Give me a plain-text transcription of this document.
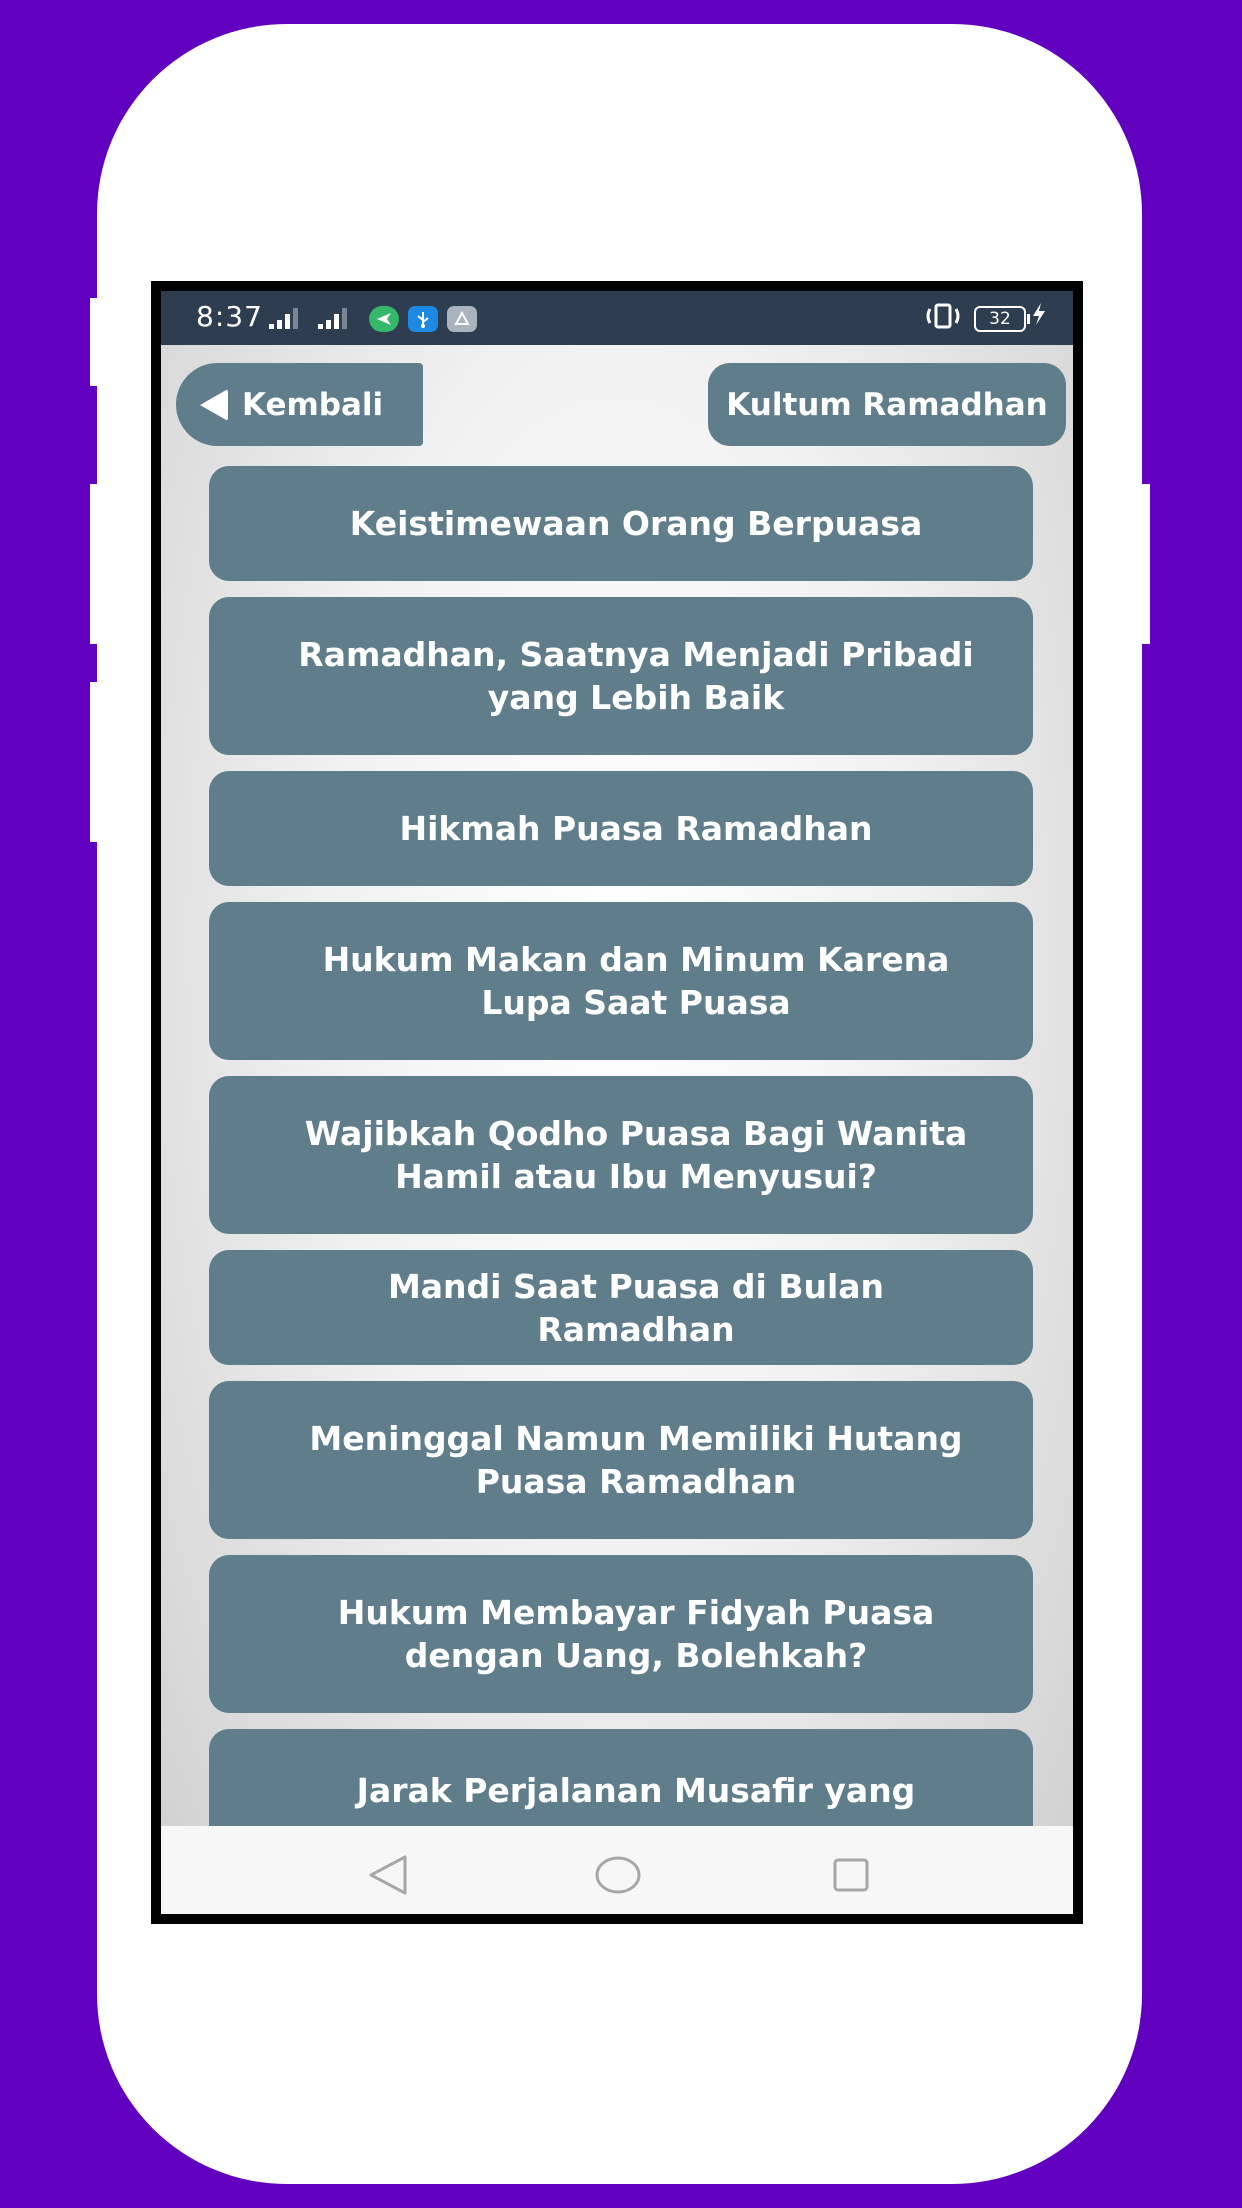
8:37	32
Kembali	Kultum Ramadhan
Keistimewaan Orang Berpuasa
Ramadhan, Saatnya Menjadi Pribadi yang Lebih Baik
Hikmah Puasa Ramadhan
Hukum Makan dan Minum Karena Lupa Saat Puasa
Wajibkah Qodho Puasa Bagi Wanita Hamil atau Ibu Menyusui?
Mandi Saat Puasa di Bulan Ramadhan
Meninggal Namun Memiliki Hutang Puasa Ramadhan
Hukum Membayar Fidyah Puasa dengan Uang, Bolehkah?
Jarak Perjalanan Musafir yang
